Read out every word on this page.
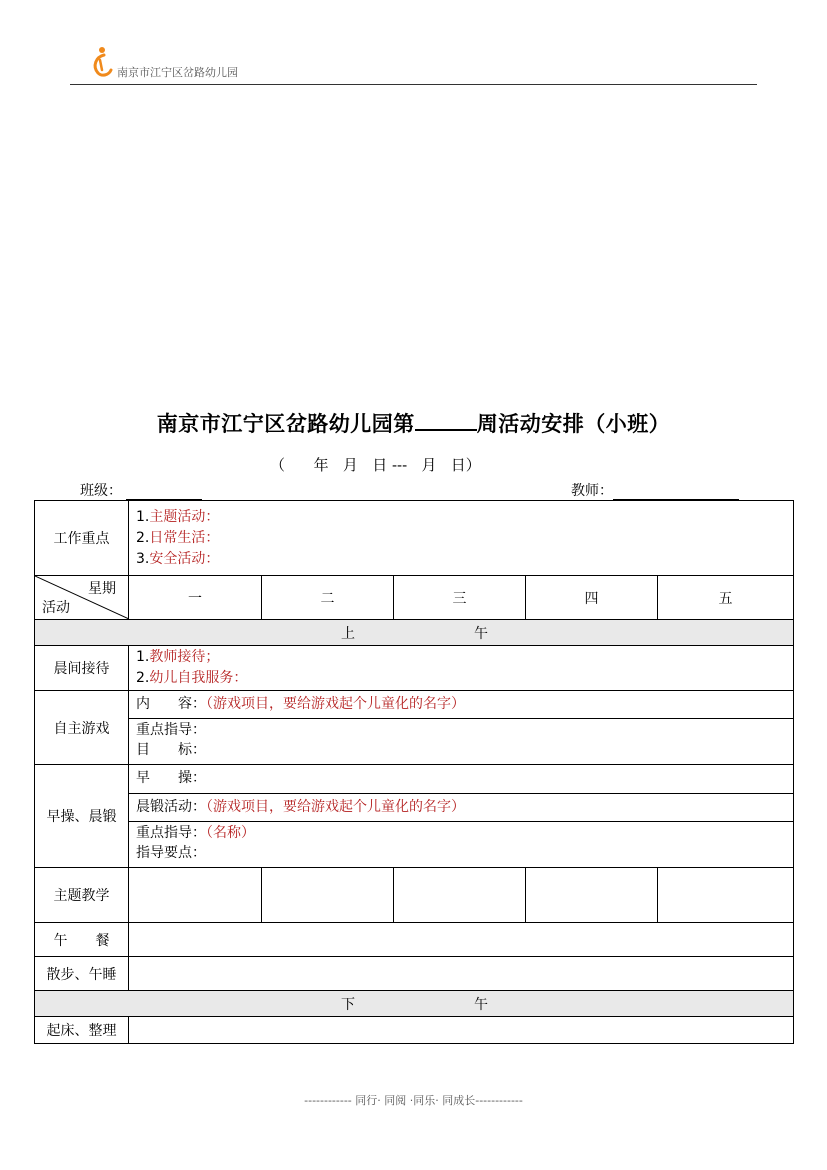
南京市江宁区岔路幼儿园
南京市江宁区岔路幼儿园第	周活动安排（小班）
（      年   月   日 ---   月   日）
班级：	教师：
工作重点	1.主题活动：
2.日常生活：
3.安全活动：				

星期
活动	一	二	三	四	五

上 午					

晨间接待	1.教师接待；
2.幼儿自我服务：				

自主游戏	内　　容：（游戏项目，要给游戏起个儿童化的名字）
重点指导：
目　　标：				

早操、晨锻	早　　操：
晨锻活动：（游戏项目，要给游戏起个儿童化的名字）
重点指导：（名称）
指导要点：				

主题教学					
午　　餐					
散步、午睡					

下 午					

起床、整理					
------------ 同行· 同阅 ·同乐· 同成长------------
